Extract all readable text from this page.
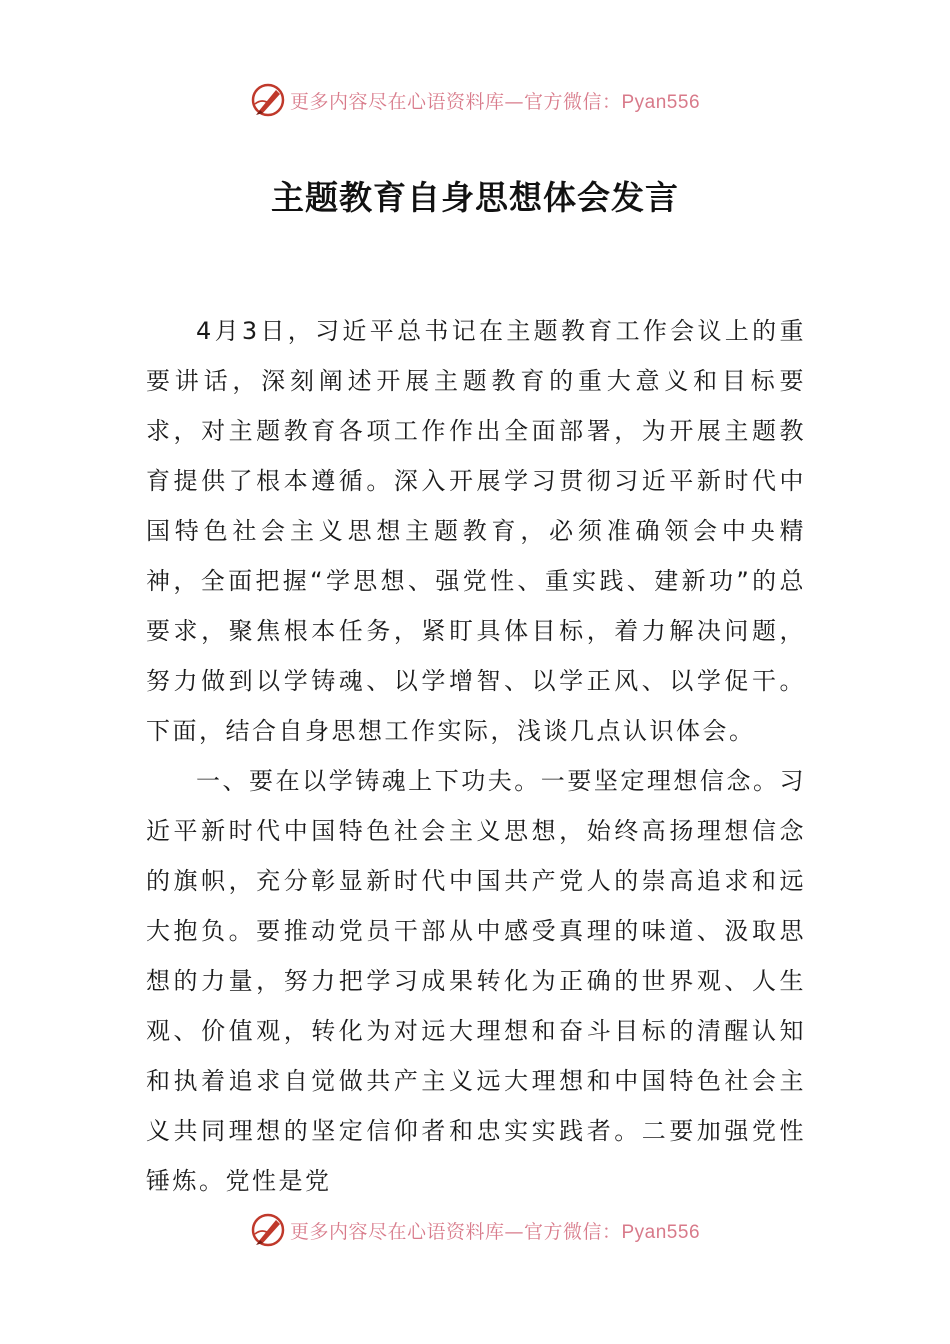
更多内容尽在心语资料库—官方微信：Pyan556
主题教育自身思想体会发言

4月3日，习近平总书记在主题教育工作会议上的重要讲话，深刻阐述开展主题教育的重大意义和目标要求，对主题教育各项工作作出全面部署，为开展主题教育提供了根本遵循。深入开展学习贯彻习近平新时代中国特色社会主义思想主题教育，必须准确领会中央精神，全面把握“学思想、强党性、重实践、建新功”的总要求，聚焦根本任务，紧盯具体目标，着力解决问题，努力做到以学铸魂、以学增智、以学正风、以学促干。下面，结合自身思想工作实际，浅谈几点认识体会。

一、要在以学铸魂上下功夫。一要坚定理想信念。习近平新时代中国特色社会主义思想，始终高扬理想信念的旗帜，充分彰显新时代中国共产党人的崇高追求和远大抱负。要推动党员干部从中感受真理的味道、汲取思想的力量，努力把学习成果转化为正确的世界观、人生观、价值观，转化为对远大理想和奋斗目标的清醒认知和执着追求自觉做共产主义远大理想和中国特色社会主义共同理想的坚定信仰者和忠实实践者。二要加强党性锤炼。党性是党

更多内容尽在心语资料库—官方微信：Pyan556
